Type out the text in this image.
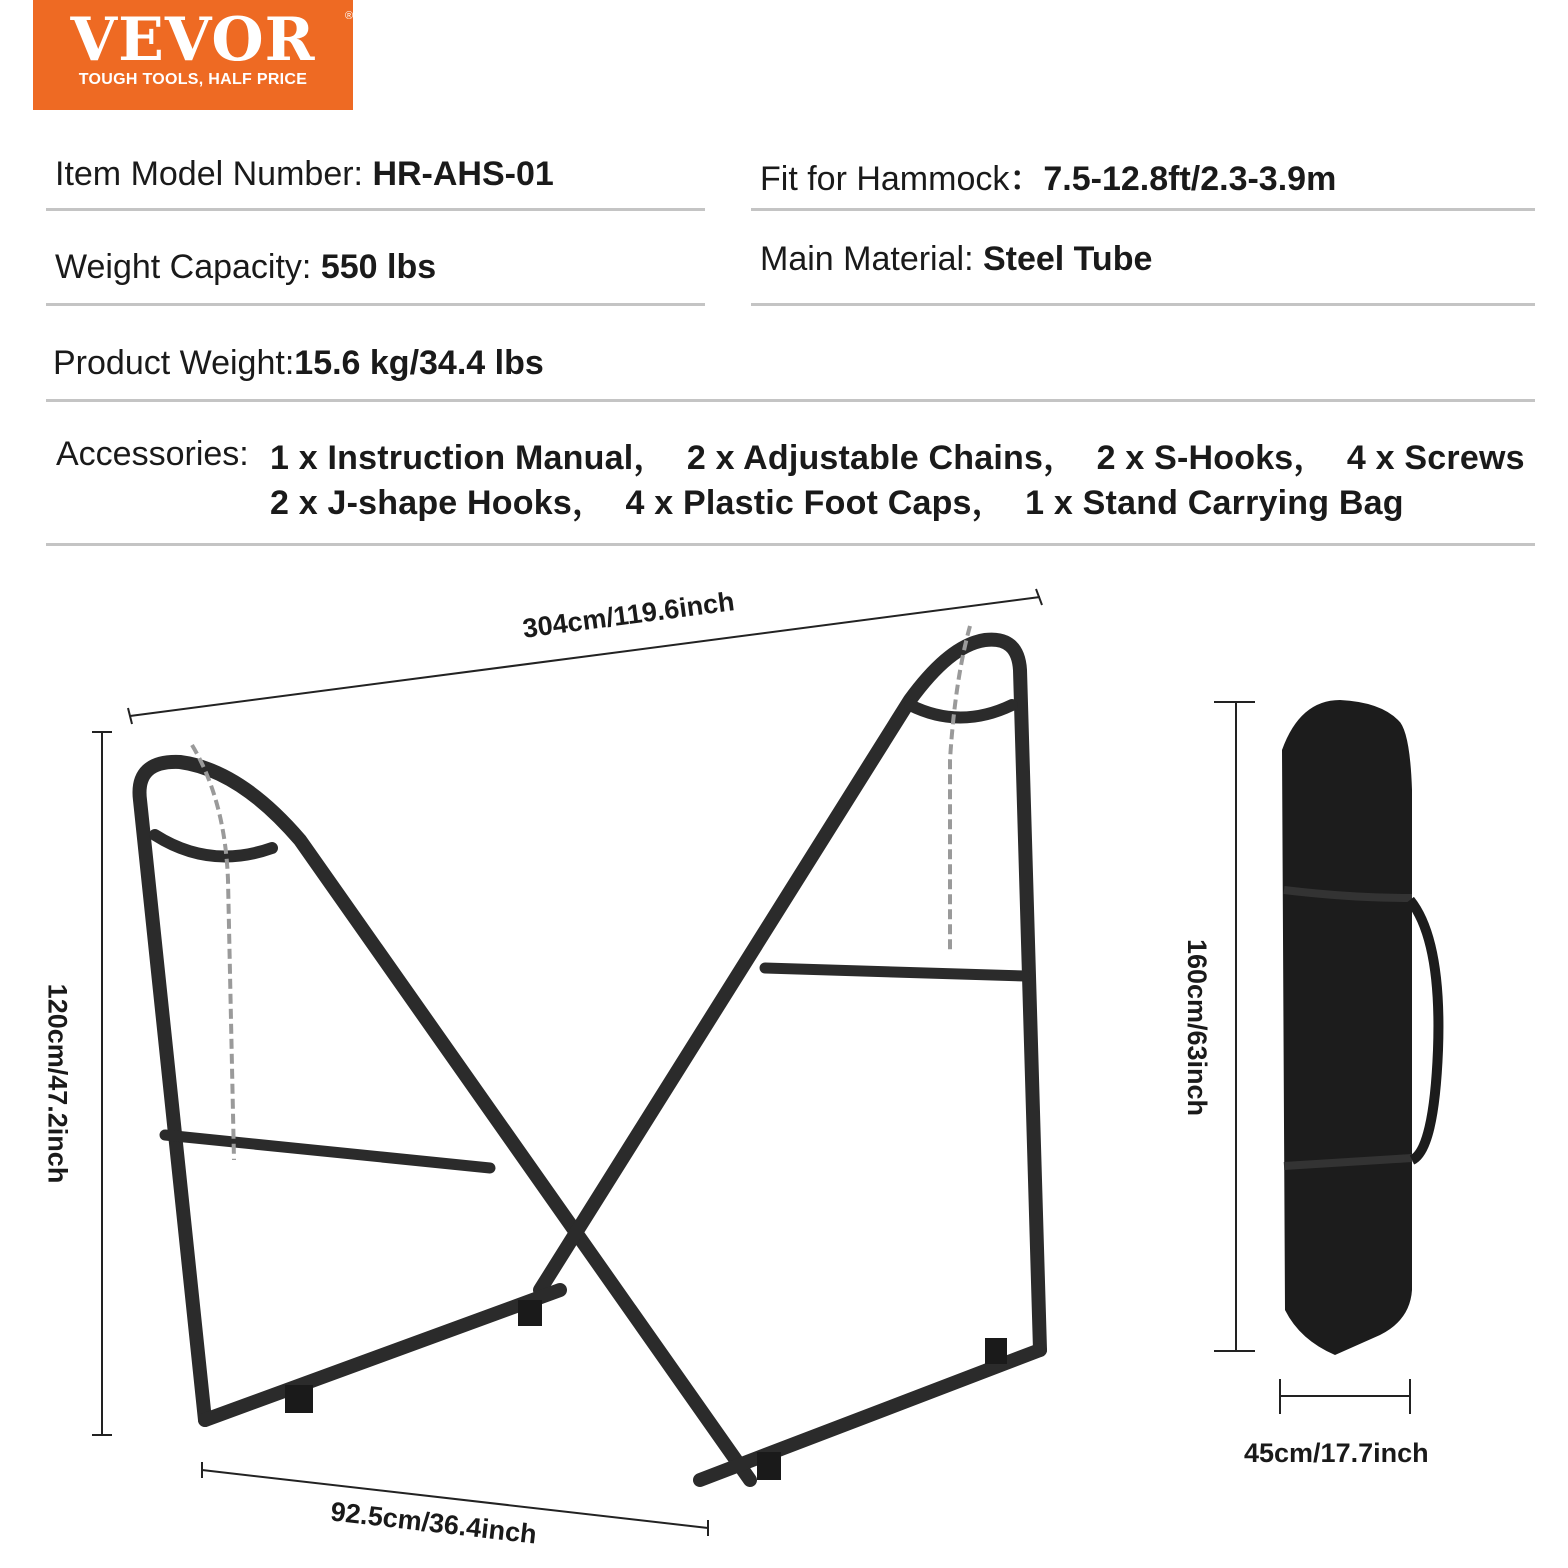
VEVOR	®
TOUGH TOOLS, HALF PRICE
Item Model Number: HR-AHS-01	Fit for Hammock：7.5-12.8ft/2.3-3.9m
Weight Capacity: 550 lbs	Main Material: Steel Tube
Product Weight:15.6 kg/34.4 lbs
Accessories: 1 x Instruction Manual， 2 x Adjustable Chains， 2 x S-Hooks， 4 x Screws
2 x J-shape Hooks， 4 x Plastic Foot Caps， 1 x Stand Carrying Bag
304cm/119.6inch
120cm/47.2inch
92.5cm/36.4inch
160cm/63inch
45cm/17.7inch
